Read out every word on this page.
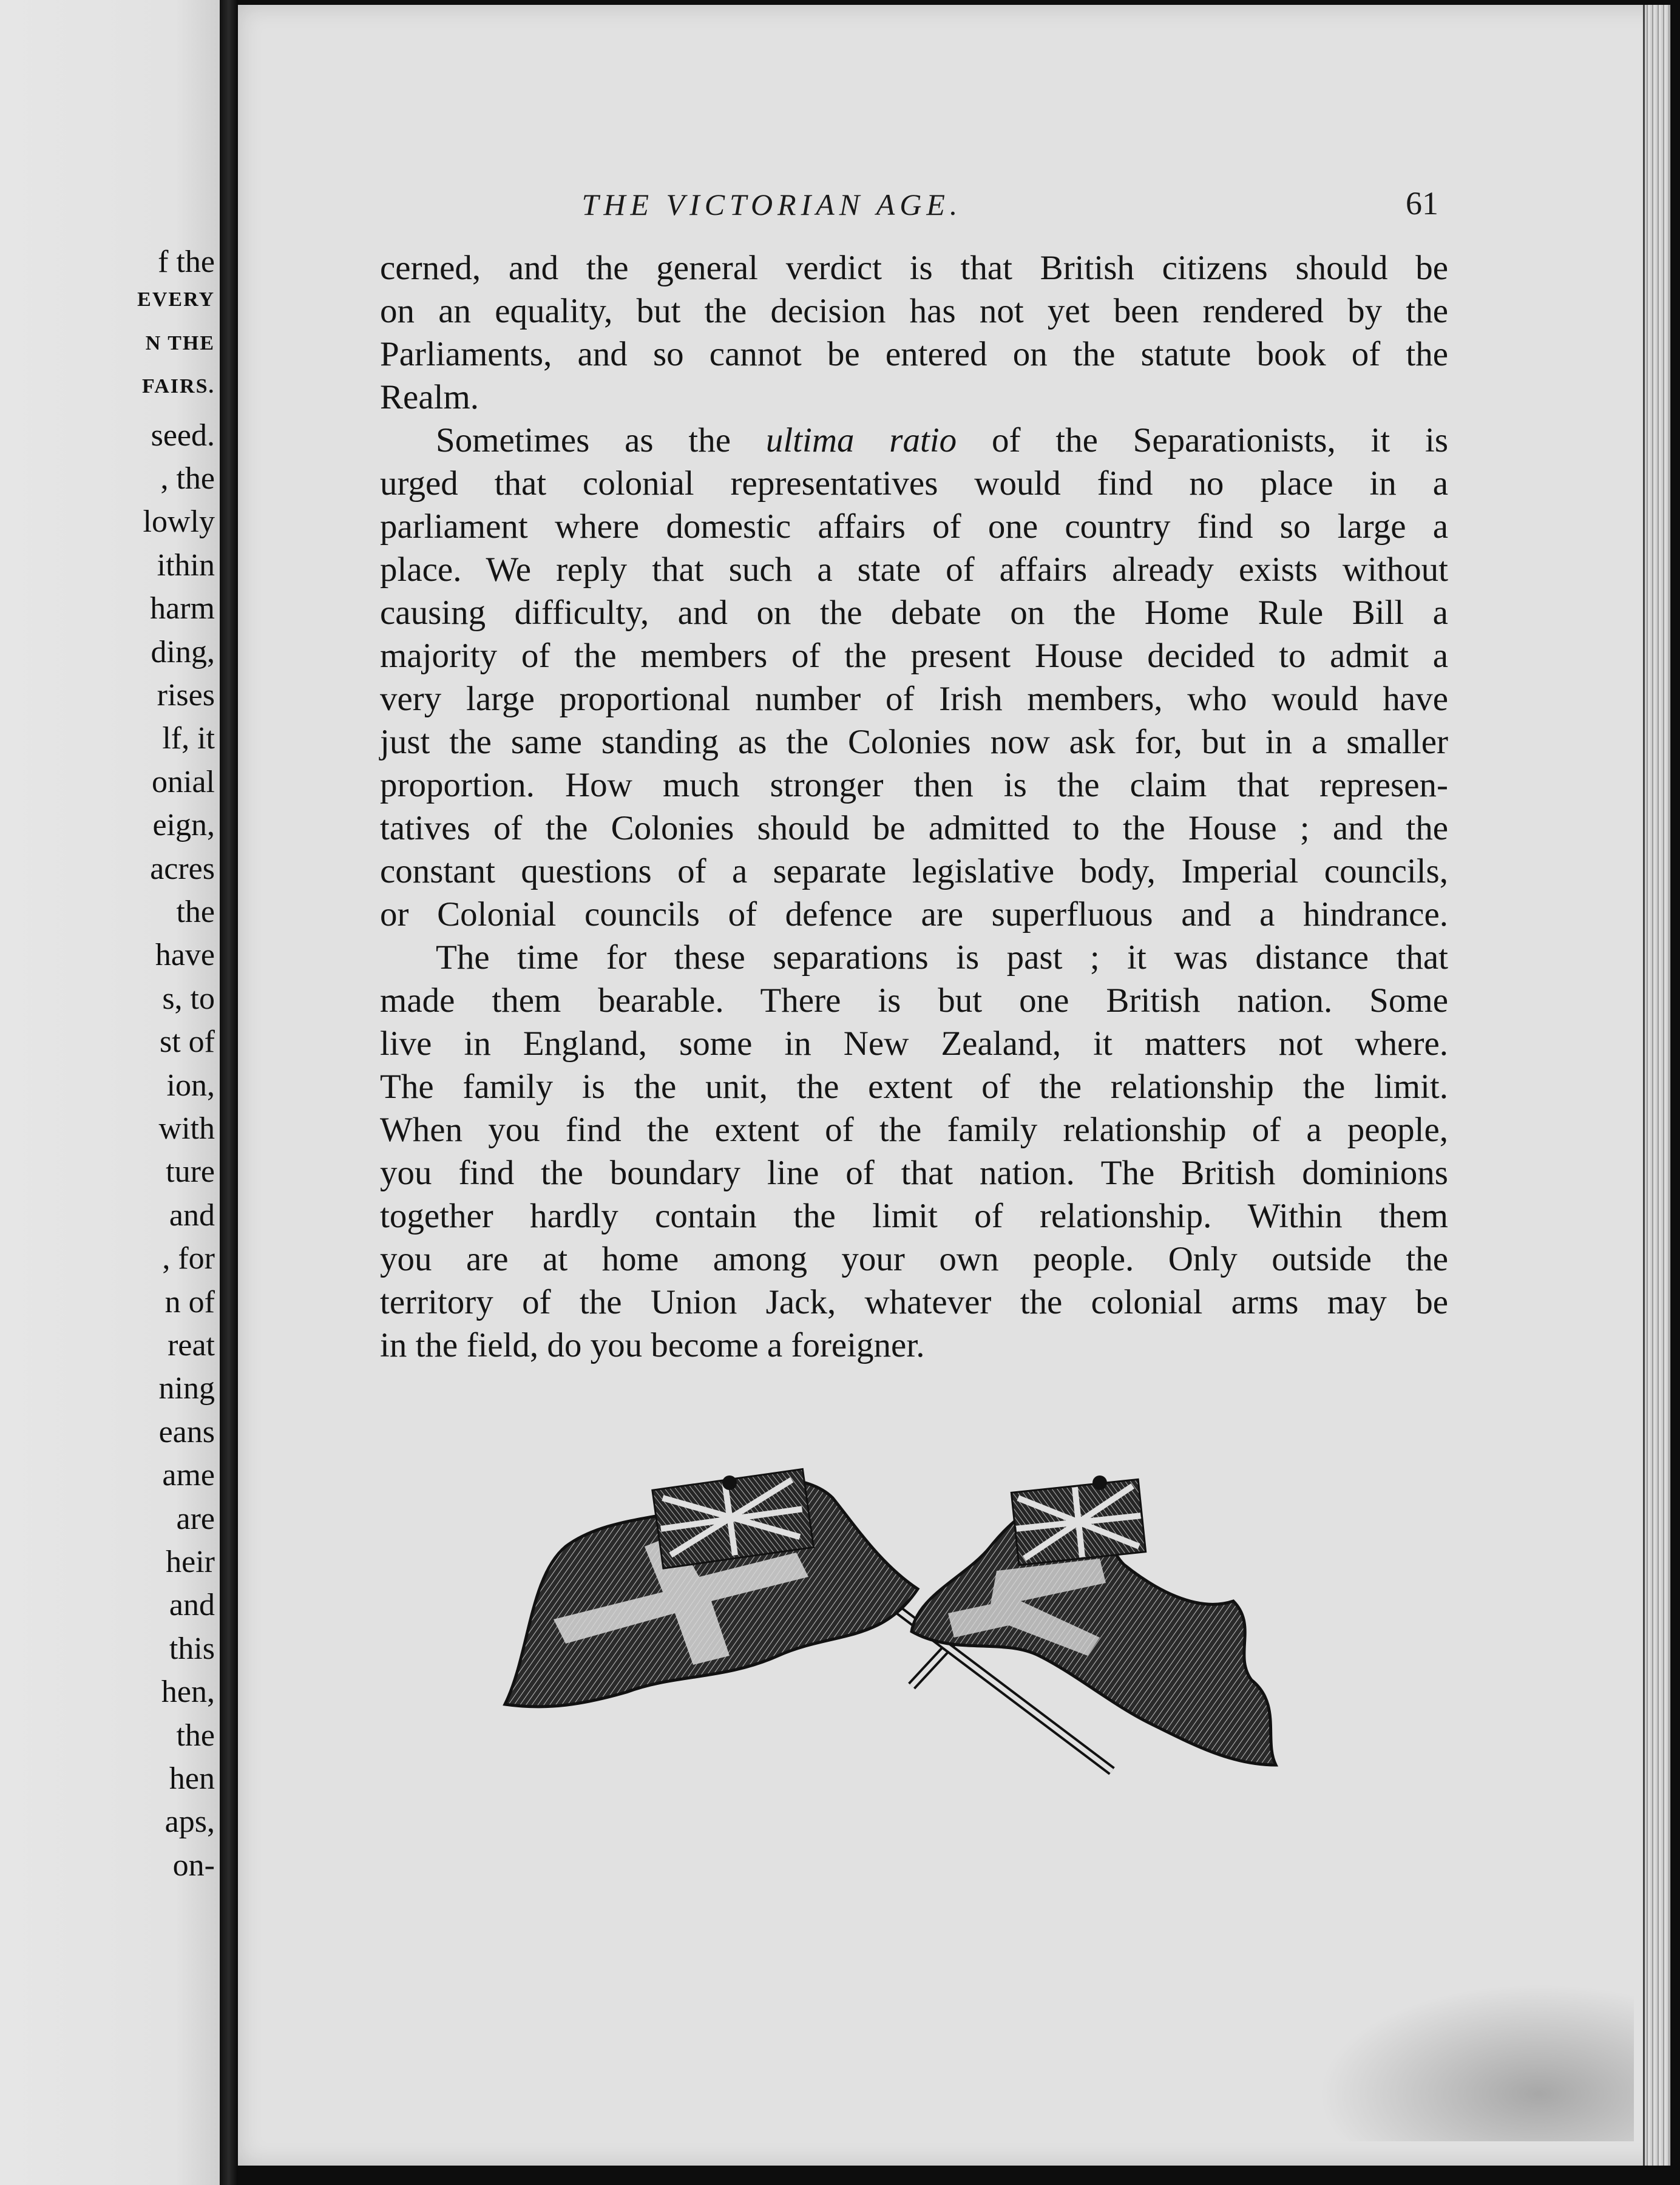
f the
EVERY
N THE
FAIRS.
seed.
, the
lowly
ithin
harm
ding,
rises
lf, it
onial
eign,
acres
the
have
s, to
st of
ion,
with
ture
and
, for
n of
reat
ning
eans
ame
are
heir
and
this
hen,
the
hen
aps,
on-
THE VICTORIAN AGE.	61
cerned, and the general verdict is that British citizens should be
on an equality, but the decision has not yet been rendered by the
Parliaments, and so cannot be entered on the statute book of the
Realm.
Sometimes as the ultima ratio of the Separationists, it is
urged that colonial representatives would find no place in a
parliament where domestic affairs of one country find so large a
place. We reply that such a state of affairs already exists without
causing difficulty, and on the debate on the Home Rule Bill a
majority of the members of the present House decided to admit a
very large proportional number of Irish members, who would have
just the same standing as the Colonies now ask for, but in a smaller
proportion. How much stronger then is the claim that represen-
tatives of the Colonies should be admitted to the House ; and the
constant questions of a separate legislative body, Imperial councils,
or Colonial councils of defence are superfluous and a hindrance.
The time for these separations is past ; it was distance that
made them bearable. There is but one British nation. Some
live in England, some in New Zealand, it matters not where.
The family is the unit, the extent of the relationship the limit.
When you find the extent of the family relationship of a people,
you find the boundary line of that nation. The British dominions
together hardly contain the limit of relationship. Within them
you are at home among your own people. Only outside the
territory of the Union Jack, whatever the colonial arms may be
in the field, do you become a foreigner.
